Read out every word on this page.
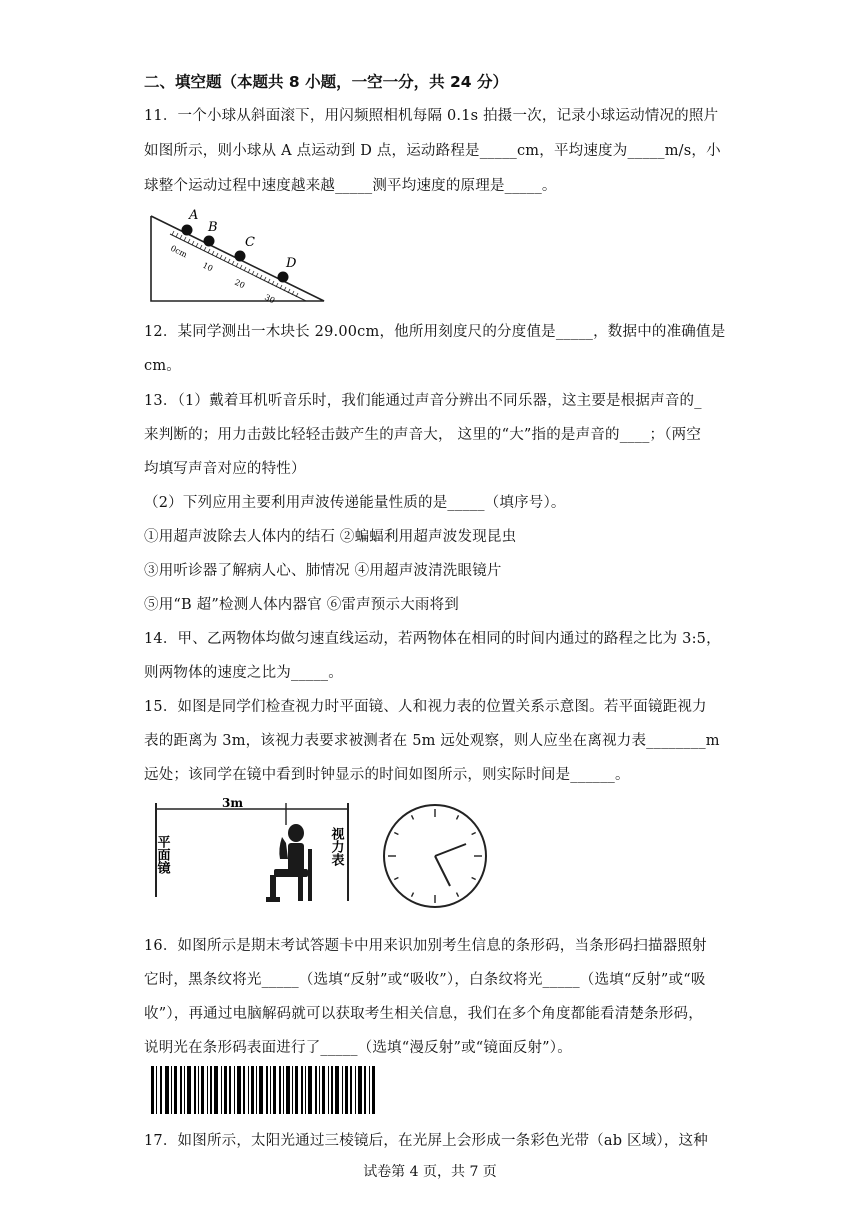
二、填空题（本题共 8 小题，一空一分，共 24 分）
11．一个小球从斜面滚下，用闪频照相机每隔 0.1s 拍摄一次，记录小球运动情况的照片
如图所示，则小球从 A 点运动到 D 点，运动路程是_____cm，平均速度为_____m/s，小
球整个运动过程中速度越来越_____测平均速度的原理是_____。
A
B
C
D
0cm
10
20
30
12．某同学测出一木块长 29.00cm，他所用刻度尺的分度值是_____，数据中的准确值是
cm。
13．（1）戴着耳机听音乐时，我们能通过声音分辨出不同乐器，这主要是根据声音的_
来判断的；用力击鼓比轻轻击鼓产生的声音大， 这里的“大”指的是声音的____；（两空
均填写声音对应的特性）
（2）下列应用主要利用声波传递能量性质的是_____（填序号）。
①用超声波除去人体内的结石 ②蝙蝠利用超声波发现昆虫
③用听诊器了解病人心、肺情况 ④用超声波清洗眼镜片
⑤用“B 超”检测人体内器官 ⑥雷声预示大雨将到
14．甲、乙两物体均做匀速直线运动，若两物体在相同的时间内通过的路程之比为 3:5，
则两物体的速度之比为_____。
15．如图是同学们检查视力时平面镜、人和视力表的位置关系示意图。若平面镜距视力
表的距离为 3m，该视力表要求被测者在 5m 远处观察，则人应坐在离视力表________m
远处；该同学在镜中看到时钟显示的时间如图所示，则实际时间是______。
3m
平面镜	视力表
16．如图所示是期末考试答题卡中用来识加别考生信息的条形码，当条形码扫描器照射
它时，黑条纹将光_____（选填“反射”或“吸收”），白条纹将光_____（选填“反射”或“吸
收”），再通过电脑解码就可以获取考生相关信息，我们在多个角度都能看清楚条形码，
说明光在条形码表面进行了_____（选填“漫反射”或“镜面反射”）。
17．如图所示，太阳光通过三棱镜后，在光屏上会形成一条彩色光带（ab 区域），这种
试卷第 4 页，共 7 页
